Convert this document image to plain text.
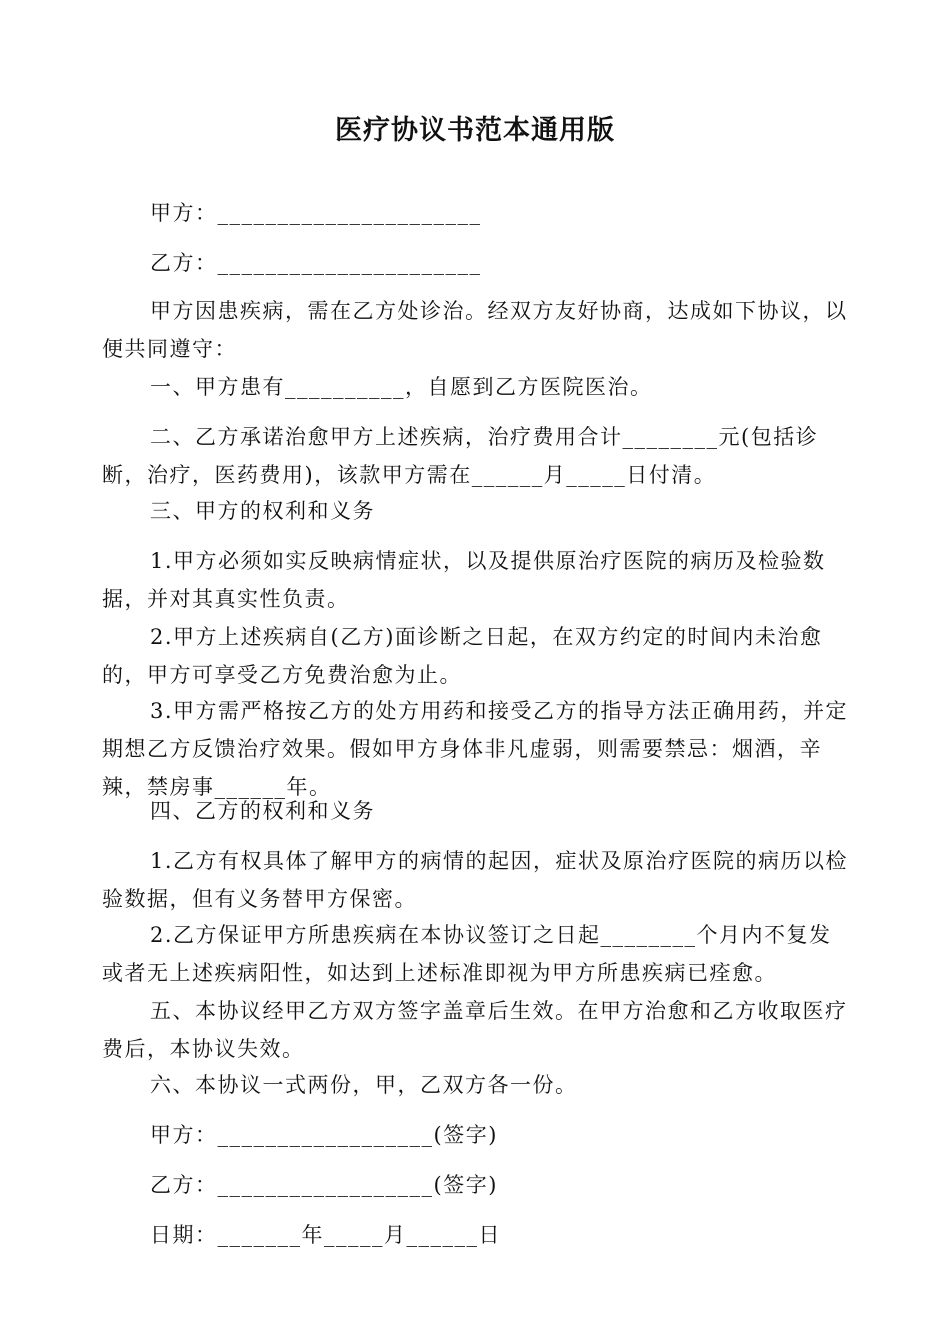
医疗协议书范本通用版

甲方：______________________

乙方：______________________

甲方因患疾病，需在乙方处诊治。经双方友好协商，达成如下协议，以便共同遵守：

一、甲方患有__________，自愿到乙方医院医治。

二、乙方承诺治愈甲方上述疾病，治疗费用合计________元(包括诊断，治疗，医药费用)，该款甲方需在______月_____日付清。

三、甲方的权利和义务

1.甲方必须如实反映病情症状，以及提供原治疗医院的病历及检验数据，并对其真实性负责。

2.甲方上述疾病自(乙方)面诊断之日起，在双方约定的时间内未治愈的，甲方可享受乙方免费治愈为止。

3.甲方需严格按乙方的处方用药和接受乙方的指导方法正确用药，并定期想乙方反馈治疗效果。假如甲方身体非凡虚弱，则需要禁忌：烟酒，辛辣，禁房事______年。

四、乙方的权利和义务

1.乙方有权具体了解甲方的病情的起因，症状及原治疗医院的病历以检验数据，但有义务替甲方保密。

2.乙方保证甲方所患疾病在本协议签订之日起________个月内不复发或者无上述疾病阳性，如达到上述标准即视为甲方所患疾病已痊愈。

五、本协议经甲乙方双方签字盖章后生效。在甲方治愈和乙方收取医疗费后，本协议失效。

六、本协议一式两份，甲，乙双方各一份。

甲方：__________________(签字)

乙方：__________________(签字)

日期：_______年_____月______日
